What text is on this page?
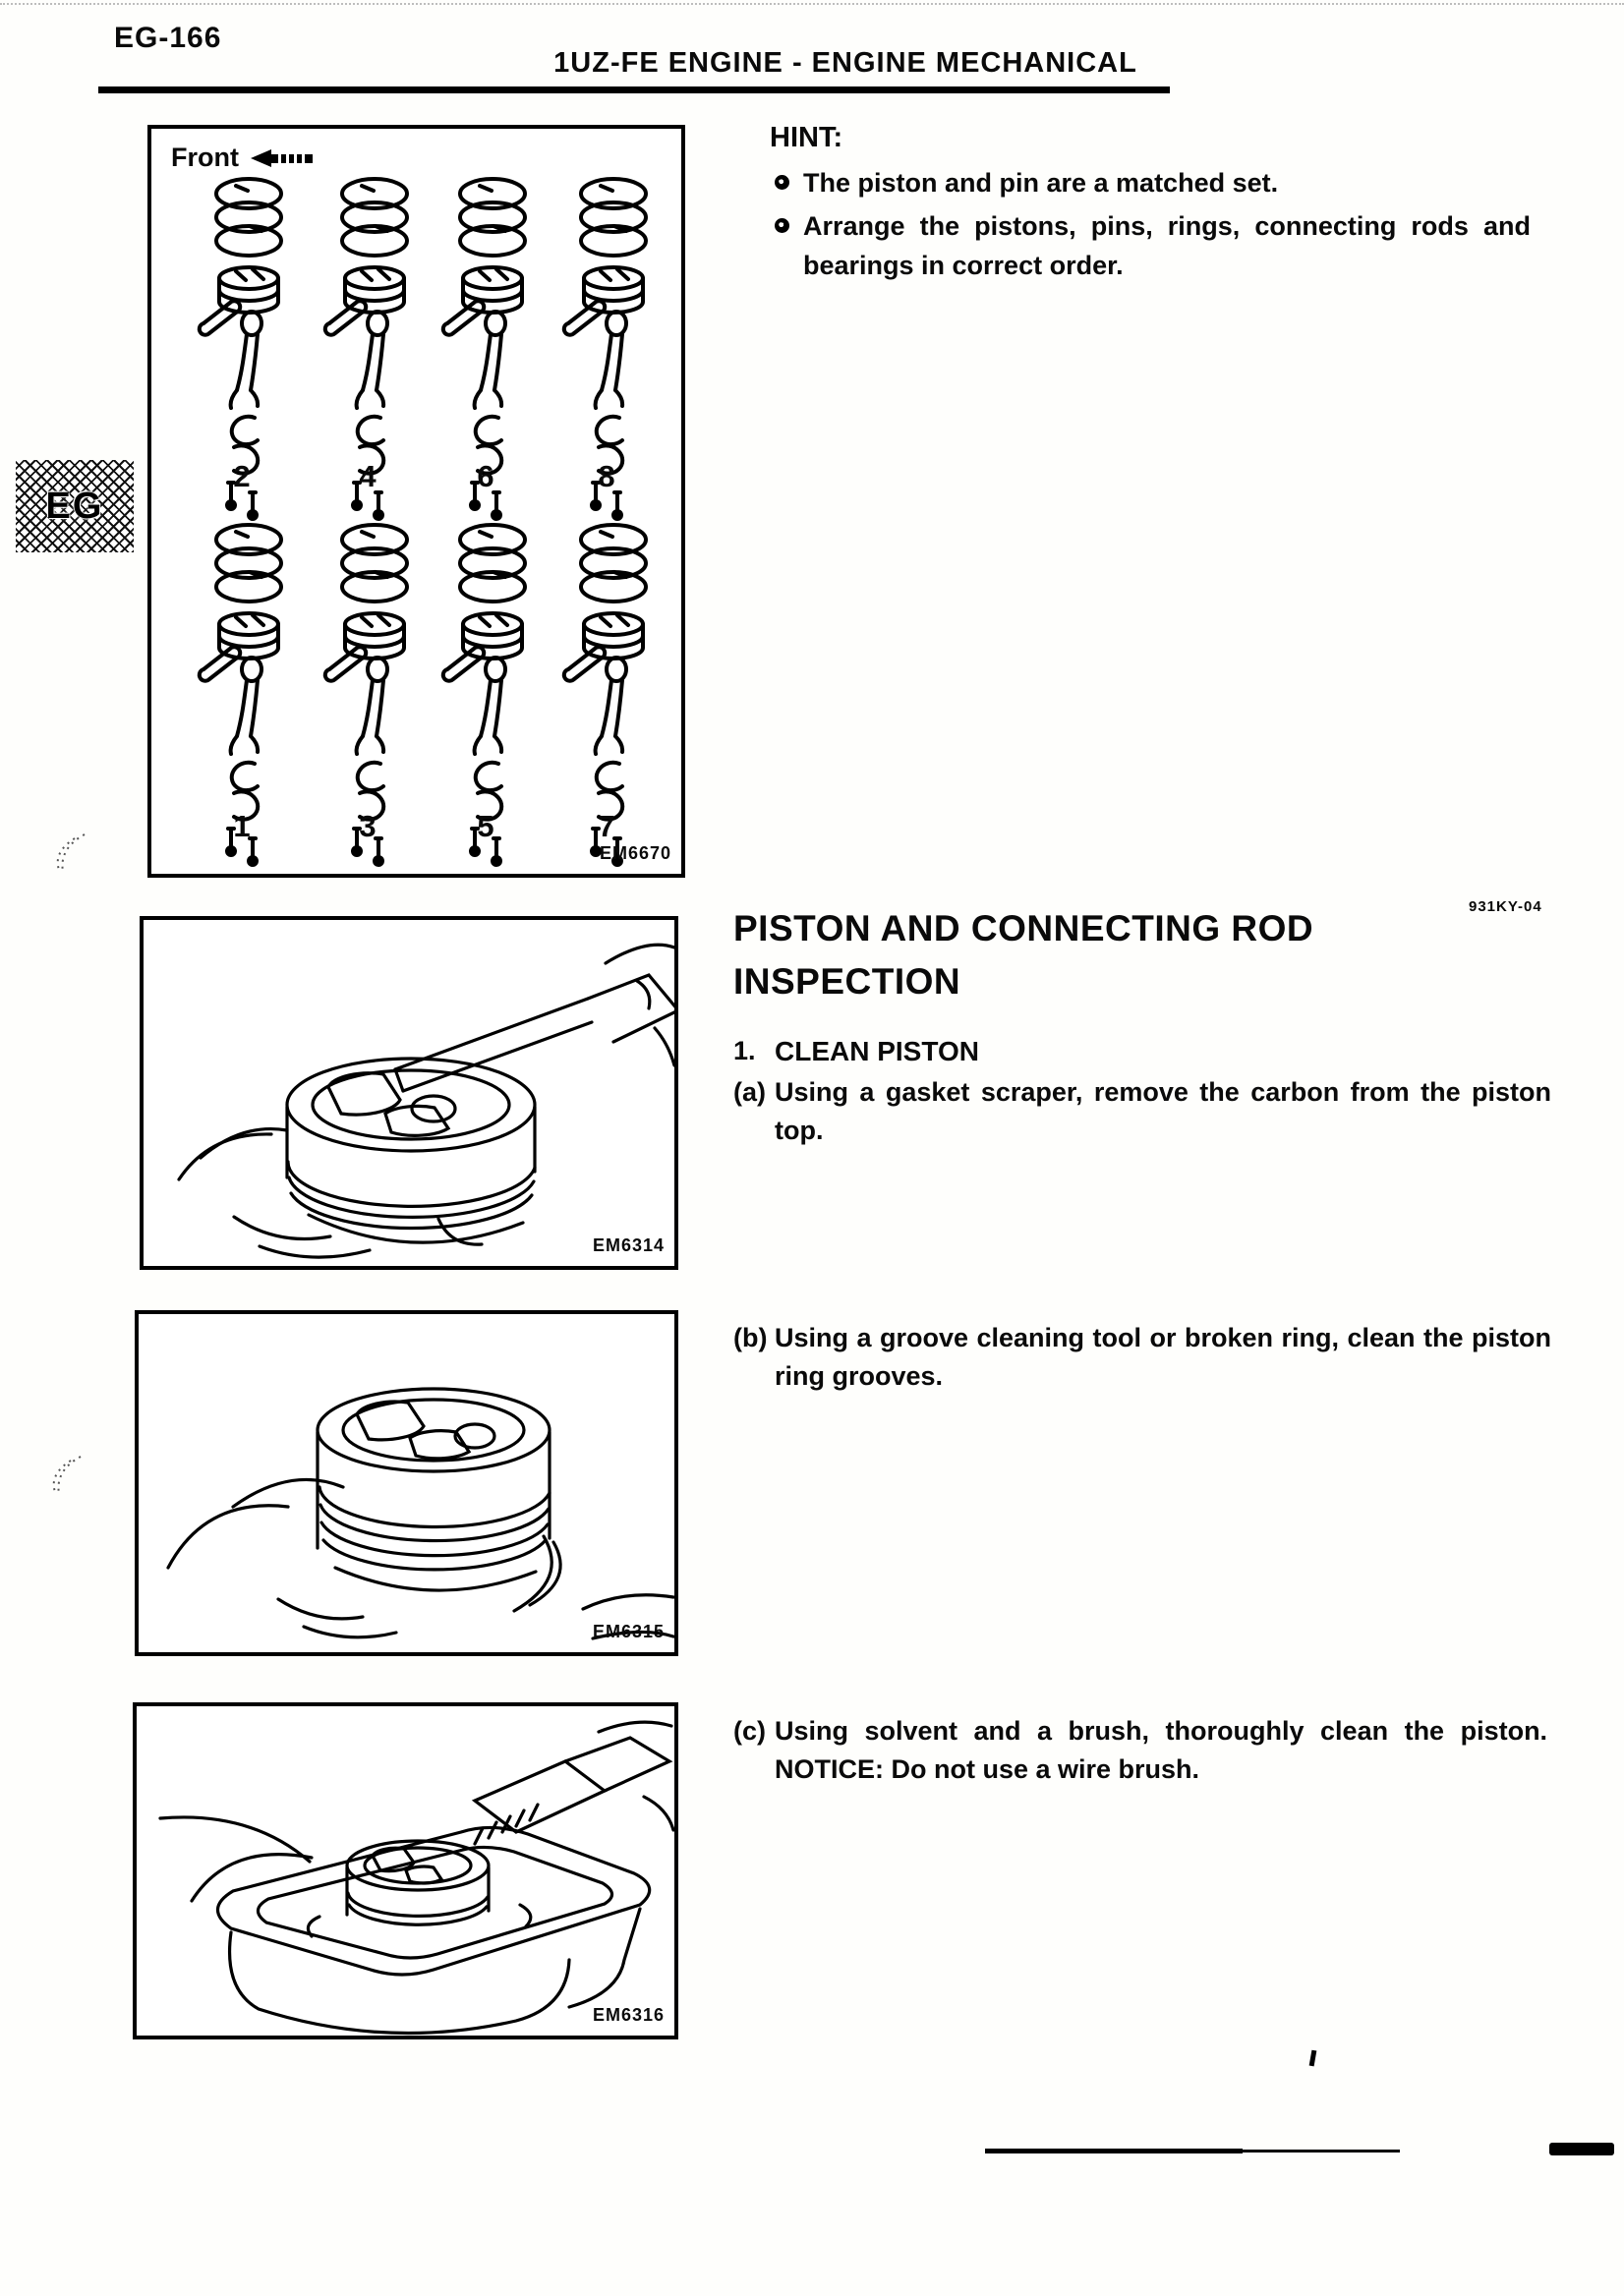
EG-166
1UZ-FE ENGINE - ENGINE MECHANICAL
EG
Front
2	4	6	8
1	3	5	7
EM6670
HINT:
The piston and pin are a matched set.
Arrange the pistons, pins, rings, connecting rods and bearings in correct order.
931KY-04
PISTON AND CONNECTING ROD
INSPECTION
1. CLEAN PISTON
(a) Using a gasket scraper, remove the carbon from the piston top.
(b) Using a groove cleaning tool or broken ring, clean the piston ring grooves.
(c) Using solvent and a brush, thoroughly clean the piston.
NOTICE: Do not use a wire brush.
EM6314
EM6315
EM6316
